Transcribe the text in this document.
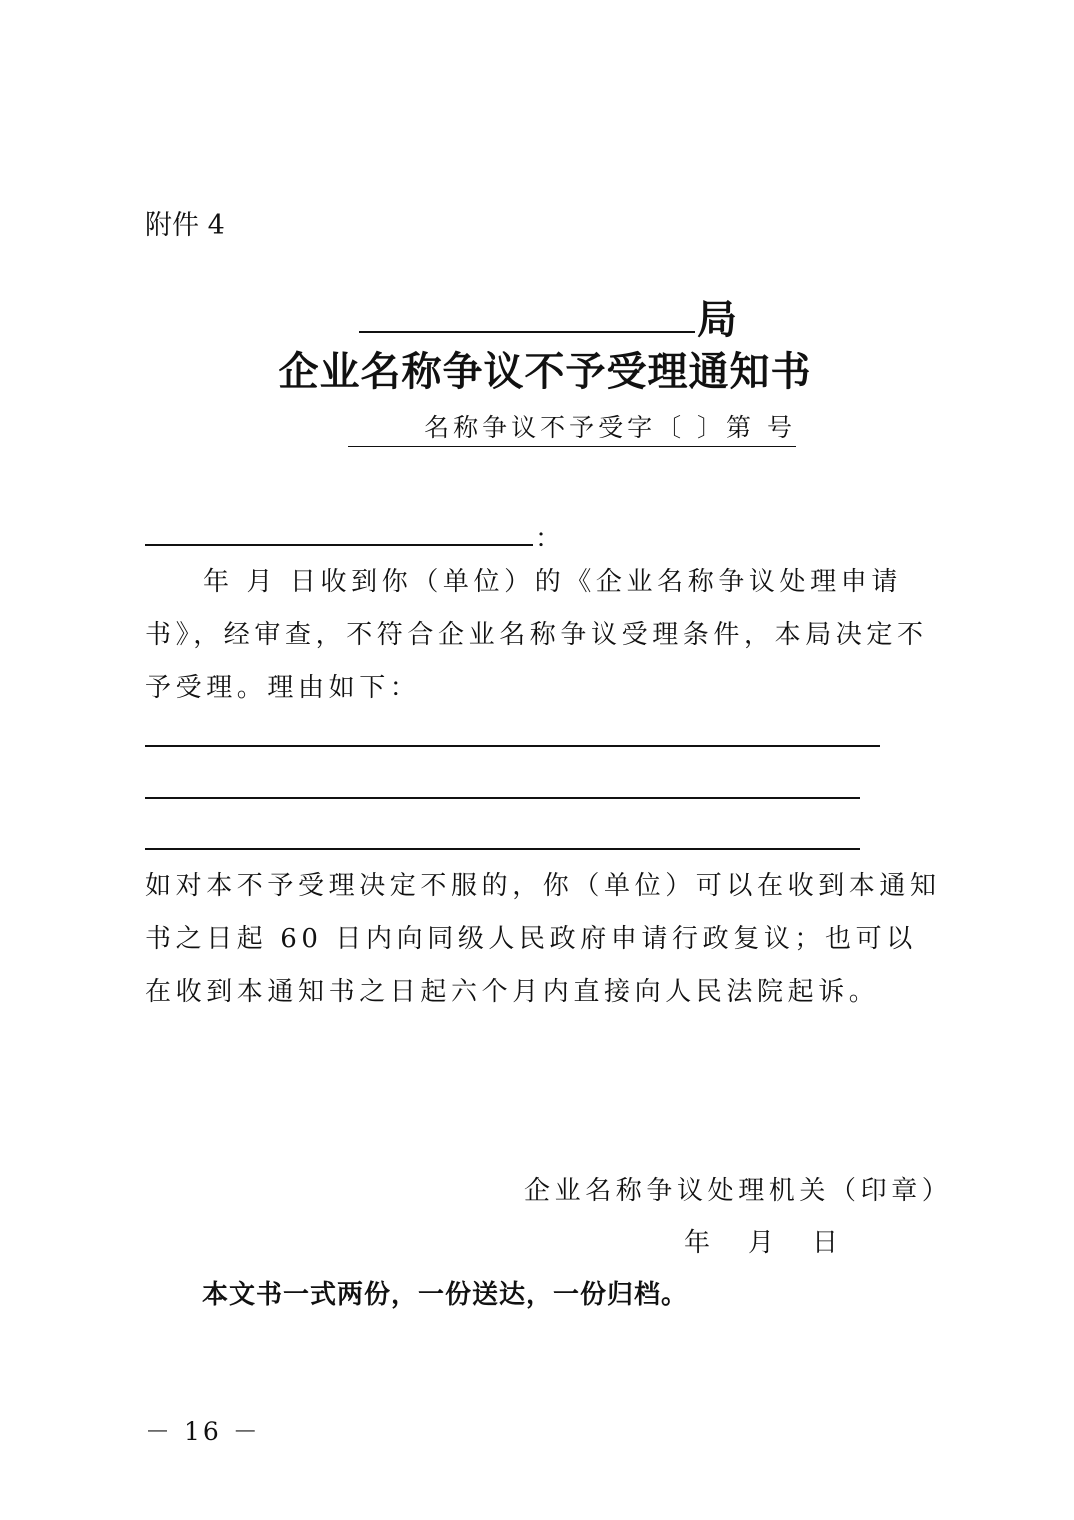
附件 4
局
企业名称争议不予受理通知书
名称争议不予受字〔 〕第 号
：
年 月 日收到你（单位）的《企业名称争议处理申请书》，经审查，不符合企业名称争议受理条件，本局决定不予受理。理由如下：
如对本不予受理决定不服的，你（单位）可以在收到本通知书之日起 60 日内向同级人民政府申请行政复议；也可以在收到本通知书之日起六个月内直接向人民法院起诉。
企业名称争议处理机关（印章）
年 月 日
本文书一式两份，一份送达，一份归档。
－ 16 －
